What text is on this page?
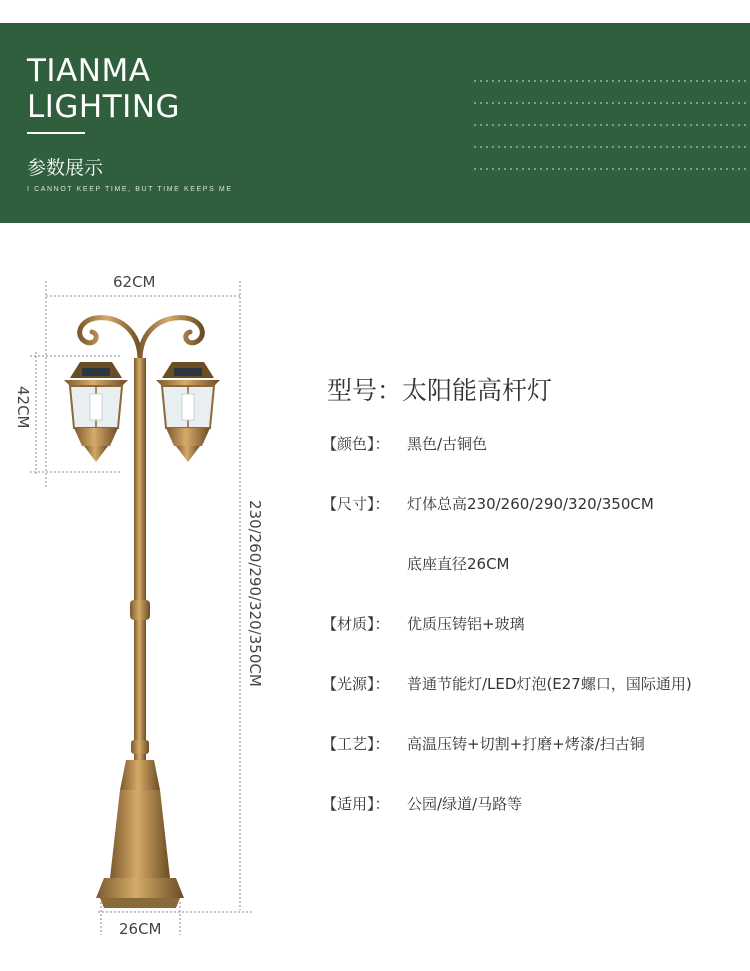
TIANMA
LIGHTING
参数展示
I CANNOT KEEP TIME, BUT TIME KEEPS ME
62CM
42CM
230/260/290/320/350CM
26CM
型号：太阳能高杆灯
【颜色】： 黑色/古铜色
【尺寸】： 灯体总高230/260/290/320/350CM
底座直径26CM
【材质】： 优质压铸铝+玻璃
【光源】： 普通节能灯/LED灯泡(E27螺口，国际通用)
【工艺】： 高温压铸+切割+打磨+烤漆/扫古铜
【适用】： 公园/绿道/马路等
